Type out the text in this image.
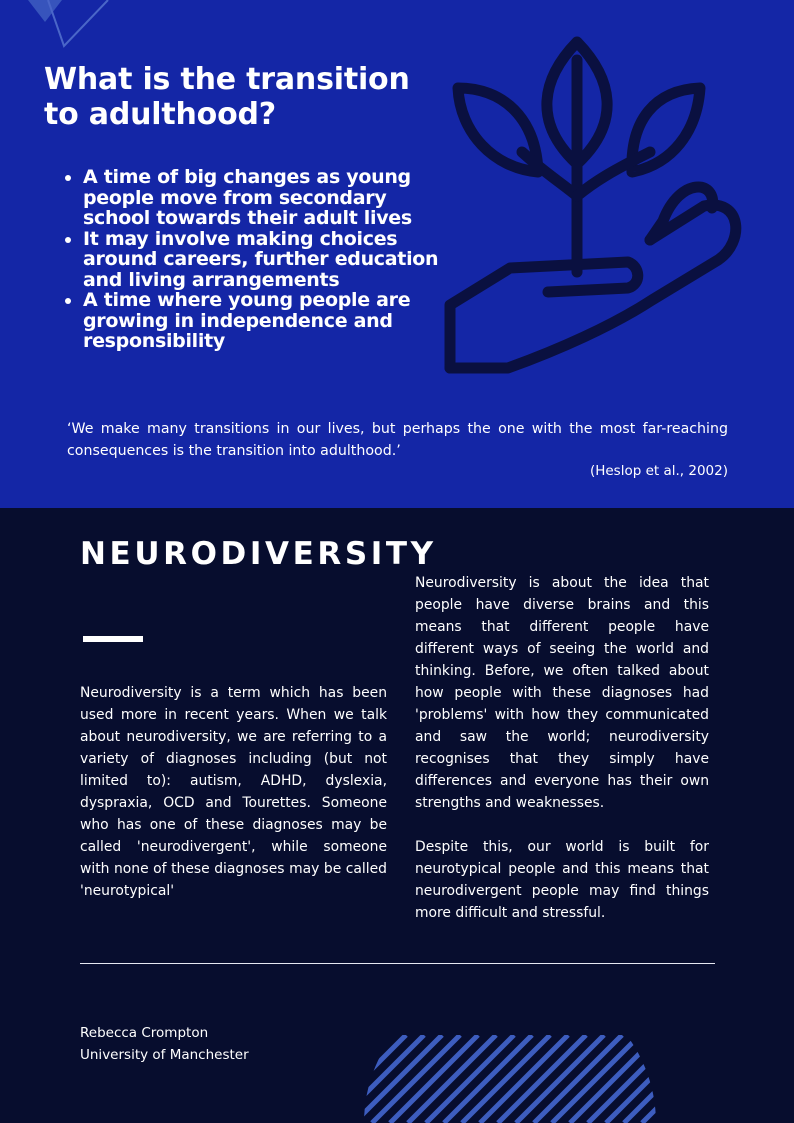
What is the transition to adulthood?
• A time of big changes as young people move from secondary school towards their adult lives
• It may involve making choices around careers, further education and living arrangements
• A time where young people are growing in independence and responsibility

‘We make many transitions in our lives, but perhaps the one with the most far-reaching consequences is the transition into adulthood.’

(Heslop et al., 2002)

NEURODIVERSITY

Neurodiversity is a term which has been used more in recent years. When we talk about neurodiversity, we are referring to a variety of diagnoses including (but not limited to): autism, ADHD, dyslexia, dyspraxia, OCD and Tourettes. Someone who has one of these diagnoses may be called 'neurodivergent', while someone with none of these diagnoses may be called 'neurotypical'

Neurodiversity is about the idea that people have diverse brains and this means that different people have different ways of seeing the world and thinking. Before, we often talked about how people with these diagnoses had 'problems' with how they communicated and saw the world; neurodiversity recognises that they simply have differences and everyone has their own strengths and weaknesses.

Despite this, our world is built for neurotypical people and this means that neurodivergent people may find things more difficult and stressful.

Rebecca Crompton
University of Manchester
